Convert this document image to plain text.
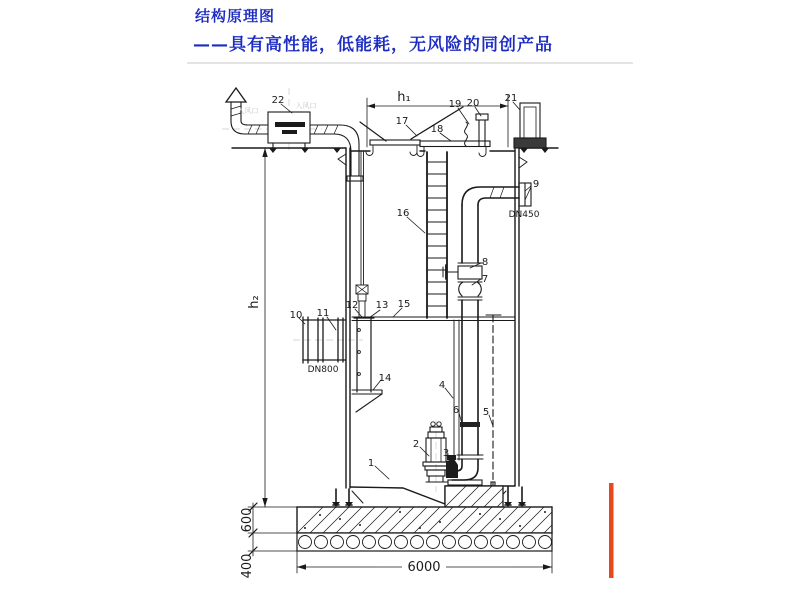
结构原理图
——具有高性能，低能耗，无风险的同创产品
1
2
3
4
5
6
7
8
9
10 11
12 13
14
15
16
17
18
19 20	21
22	h₁
h₂
DN450
DN800
600
400	6000
入风口
入风口
